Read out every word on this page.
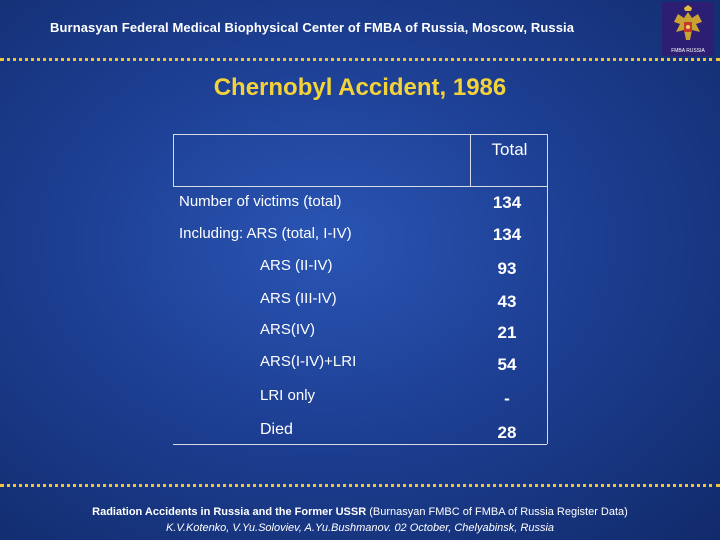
Burnasyan Federal Medical Biophysical Center of FMBA of Russia, Moscow, Russia
FMBA RUSSIA
Chernobyl Accident, 1986
Total
Number of victims (total)	134
Including: ARS (total, I-IV)	134
ARS (II-IV)	93
ARS (III-IV)	43
ARS(IV)	21
ARS(I-IV)+LRI	54
LRI only	-
Died	28
Radiation Accidents in Russia and the Former USSR (Burnasyan FMBC of FMBA of Russia Register Data)
K.V.Kotenko, V.Yu.Soloviev, A.Yu.Bushmanov. 02 October, Chelyabinsk, Russia
